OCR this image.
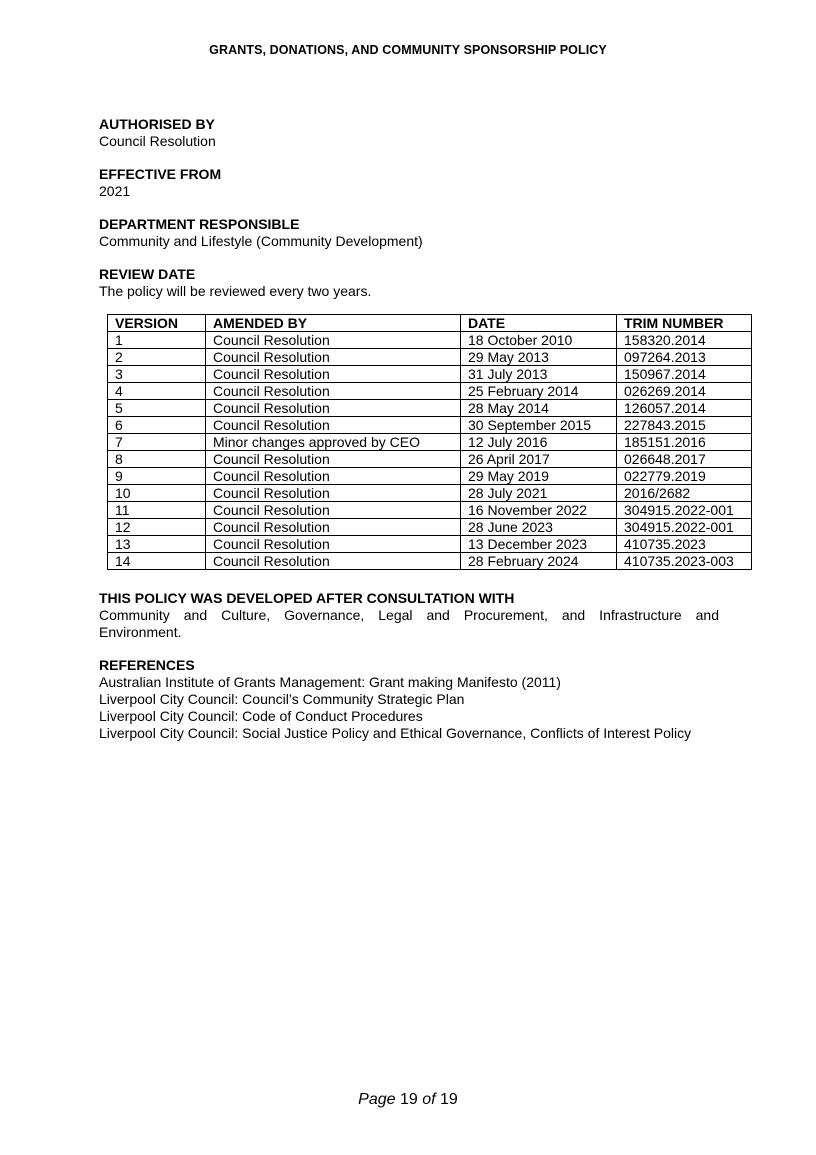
GRANTS, DONATIONS, AND COMMUNITY SPONSORSHIP POLICY
AUTHORISED BY

Council Resolution

EFFECTIVE FROM

2021

DEPARTMENT RESPONSIBLE

Community and Lifestyle (Community Development)

REVIEW DATE

The policy will be reviewed every two years.

VERSION	AMENDED BY	DATE	TRIM NUMBER
1	Council Resolution	18 October 2010	158320.2014
2	Council Resolution	29 May 2013	097264.2013
3	Council Resolution	31 July 2013	150967.2014
4	Council Resolution	25 February 2014	026269.2014
5	Council Resolution	28 May 2014	126057.2014
6	Council Resolution	30 September 2015	227843.2015
7	Minor changes approved by CEO	12 July 2016	185151.2016
8	Council Resolution	26 April 2017	026648.2017
9	Council Resolution	29 May 2019	022779.2019
10	Council Resolution	28 July 2021	2016/2682
11	Council Resolution	16 November 2022	304915.2022-001
12	Council Resolution	28 June 2023	304915.2022-001
13	Council Resolution	13 December 2023	410735.2023
14	Council Resolution	28 February 2024	410735.2023-003
THIS POLICY WAS DEVELOPED AFTER CONSULTATION WITH
Community and Culture, Governance, Legal and Procurement, and Infrastructure and
Environment.
REFERENCES
Australian Institute of Grants Management: Grant making Manifesto (2011)
Liverpool City Council: Council’s Community Strategic Plan
Liverpool City Council: Code of Conduct Procedures
Liverpool City Council: Social Justice Policy and Ethical Governance, Conflicts of Interest Policy
Page 19 of 19
